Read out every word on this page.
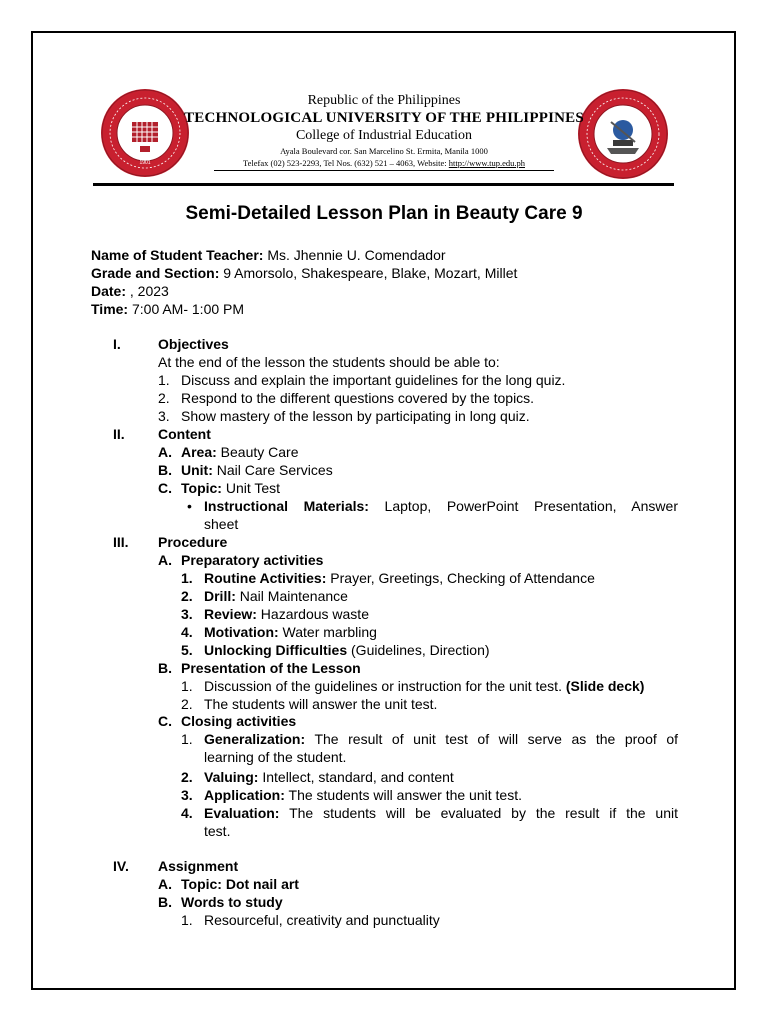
1901
Republic of the Philippines
TECHNOLOGICAL UNIVERSITY OF THE PHILIPPINES
College of Industrial Education
Ayala Boulevard cor. San Marcelino St. Ermita, Manila 1000
Telefax (02) 523-2293, Tel Nos. (632) 521 – 4063, Website: http://www.tup.edu.ph
Semi-Detailed Lesson Plan in Beauty Care 9
Name of Student Teacher: Ms. Jhennie U. Comendador
Grade and Section: 9 Amorsolo, Shakespeare, Blake, Mozart, Millet
Date: , 2023
Time: 7:00 AM- 1:00 PM
I.	Objectives
At the end of the lesson the students should be able to:
1. Discuss and explain the important guidelines for the long quiz.
2. Respond to the different questions covered by the topics.
3. Show mastery of the lesson by participating in long quiz.
II. Content
A. Area: Beauty Care
B. Unit: Nail Care Services
C. Topic: Unit Test
• Instructional Materials: Laptop, PowerPoint Presentation, Answer
sheet
III. Procedure
A. Preparatory activities
1. Routine Activities: Prayer, Greetings, Checking of Attendance
2. Drill: Nail Maintenance
3. Review: Hazardous waste
4. Motivation: Water marbling
5. Unlocking Difficulties (Guidelines, Direction)
B. Presentation of the Lesson
1. Discussion of the guidelines or instruction for the unit test. (Slide deck)
2. The students will answer the unit test.
C. Closing activities
1. Generalization: The result of unit test of will serve as the proof of
learning of the student.
2. Valuing: Intellect, standard, and content
3. Application: The students will answer the unit test.
4. Evaluation: The students will be evaluated by the result if the unit
test.
IV. Assignment
A. Topic: Dot nail art
B. Words to study
1. Resourceful, creativity and punctuality
